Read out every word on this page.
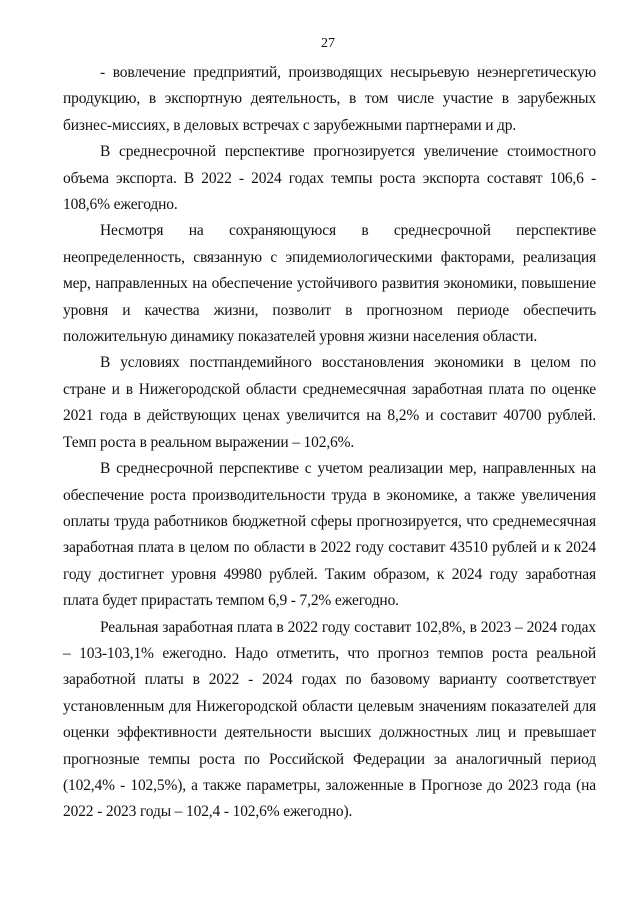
27

- вовлечение предприятий, производящих несырьевую неэнергетическую продукцию, в экспортную деятельность, в том числе участие в зарубежных бизнес-миссиях, в деловых встречах с зарубежными партнерами и др.

В среднесрочной перспективе прогнозируется увеличение стоимостного объема экспорта. В 2022 - 2024 годах темпы роста экспорта составят 106,6 - 108,6% ежегодно.

Несмотря на сохраняющуюся в среднесрочной перспективе неопределенность, связанную с эпидемиологическими факторами, реализация мер, направленных на обеспечение устойчивого развития экономики, повышение уровня и качества жизни, позволит в прогнозном периоде обеспечить положительную динамику показателей уровня жизни населения области.

В условиях постпандемийного восстановления экономики в целом по стране и в Нижегородской области среднемесячная заработная плата по оценке 2021 года в действующих ценах увеличится на 8,2% и составит 40700 рублей. Темп роста в реальном выражении – 102,6%.

В среднесрочной перспективе с учетом реализации мер, направленных на обеспечение роста производительности труда в экономике, а также увеличения оплаты труда работников бюджетной сферы прогнозируется, что среднемесячная заработная плата в целом по области в 2022 году составит 43510 рублей и к 2024 году достигнет уровня 49980 рублей. Таким образом, к 2024 году заработная плата будет прирастать темпом 6,9 - 7,2% ежегодно.

Реальная заработная плата в 2022 году составит 102,8%, в 2023 – 2024 годах – 103-103,1% ежегодно. Надо отметить, что прогноз темпов роста реальной заработной платы в 2022 - 2024 годах по базовому варианту соответствует установленным для Нижегородской области целевым значениям показателей для оценки эффективности деятельности высших должностных лиц и превышает прогнозные темпы роста по Российской Федерации за аналогичный период (102,4% - 102,5%), а также параметры, заложенные в Прогнозе до 2023 года (на 2022 - 2023 годы – 102,4 - 102,6% ежегодно).
